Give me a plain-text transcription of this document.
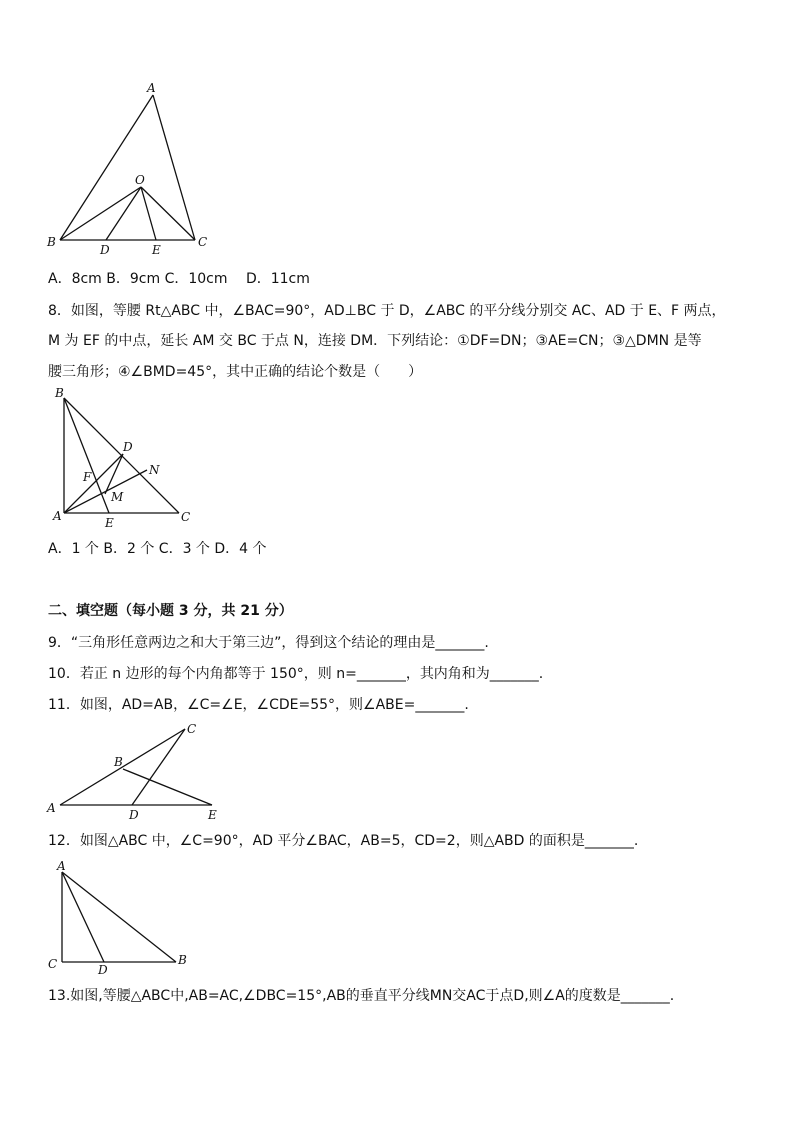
A
O
B
D	E
C
A．8cm B．9cm C．10cm　 D．11cm
8．如图，等腰 Rt△ABC 中，∠BAC=90°，AD⊥BC 于 D，∠ABC 的平分线分别交 AC、AD 于 E、F 两点，
M 为 EF 的中点，延长 AM 交 BC 于点 N，连接 DM．下列结论：①DF=DN；③AE=CN；③△DMN 是等
腰三角形；④∠BMD=45°，其中正确的结论个数是（　　）
B
D
N
F
M
A	E	C
A．1 个 B．2 个 C．3 个 D．4 个
二、填空题（每小题 3 分，共 21 分）
9．“三角形任意两边之和大于第三边”，得到这个结论的理由是_______.
10．若正 n 边形的每个内角都等于 150°，则 n=_______，其内角和为_______.
11．如图，AD=AB，∠C=∠E，∠CDE=55°，则∠ABE=_______.
C
B
A	D	E
12．如图△ABC 中，∠C=90°，AD 平分∠BAC，AB=5，CD=2，则△ABD 的面积是_______.
A
C	D
B
13.如图,等腰△ABC中,AB=AC,∠DBC=15°,AB的垂直平分线MN交AC于点D,则∠A的度数是_______.
